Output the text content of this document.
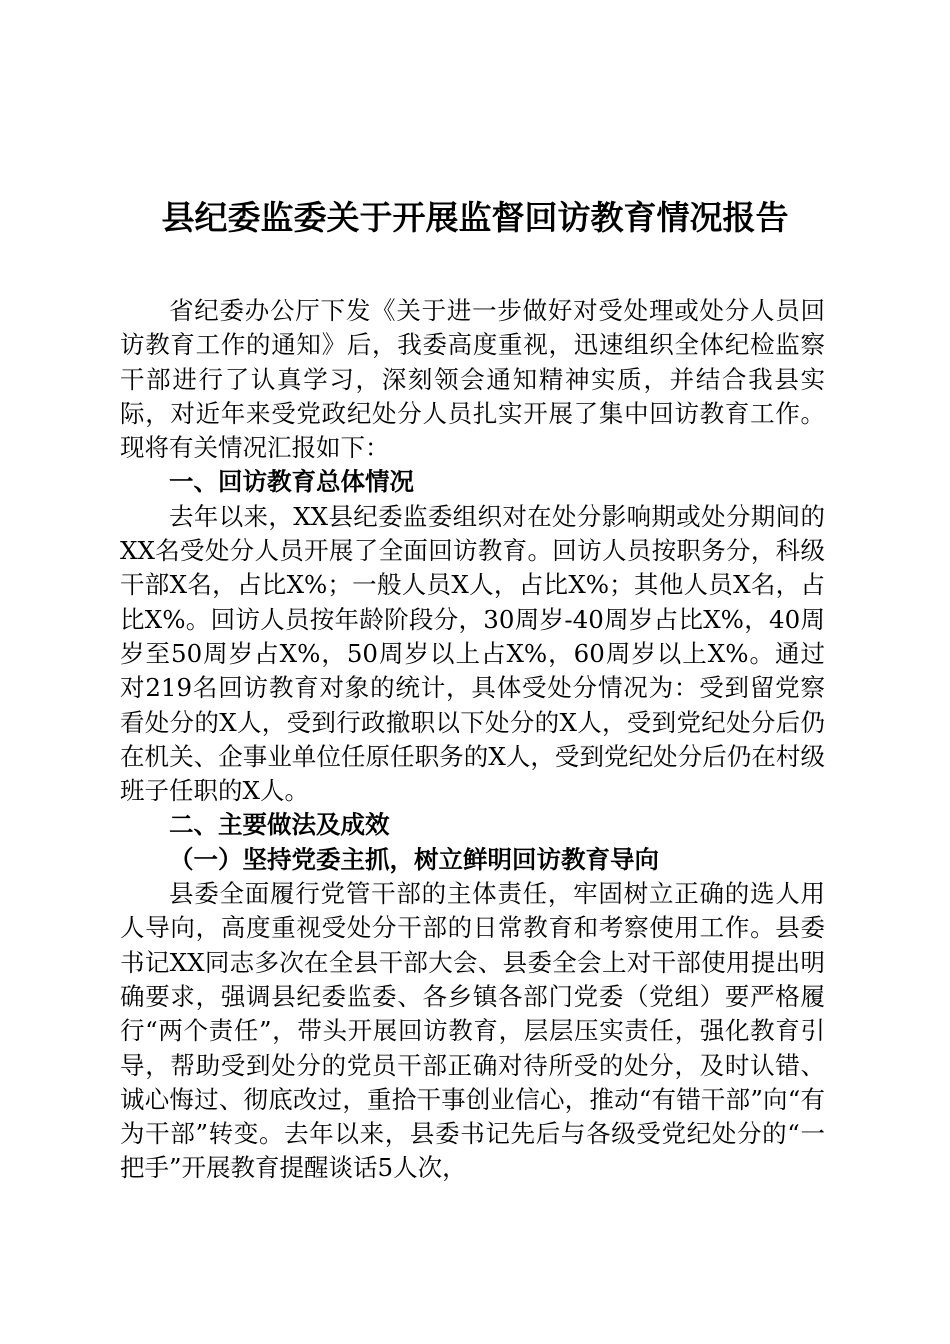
县纪委监委关于开展监督回访教育情况报告

省纪委办公厅下发《关于进一步做好对受处理或处分人员回访教育工作的通知》后，我委高度重视，迅速组织全体纪检监察干部进行了认真学习，深刻领会通知精神实质，并结合我县实际，对近年来受党政纪处分人员扎实开展了集中回访教育工作。现将有关情况汇报如下：

一、回访教育总体情况

去年以来，XX县纪委监委组织对在处分影响期或处分期间的XX名受处分人员开展了全面回访教育。回访人员按职务分，科级干部X名，占比X%；一般人员X人，占比X%；其他人员X名，占比X%。回访人员按年龄阶段分，30周岁-40周岁占比X%，40周岁至50周岁占X%，50周岁以上占X%，60周岁以上X%。通过对219名回访教育对象的统计，具体受处分情况为：受到留党察看处分的X人，受到行政撤职以下处分的X人，受到党纪处分后仍在机关、企事业单位任原任职务的X人，受到党纪处分后仍在村级班子任职的X人。

二、主要做法及成效

（一）坚持党委主抓，树立鲜明回访教育导向

县委全面履行党管干部的主体责任，牢固树立正确的选人用人导向，高度重视受处分干部的日常教育和考察使用工作。县委书记XX同志多次在全县干部大会、县委全会上对干部使用提出明确要求，强调县纪委监委、各乡镇各部门党委（党组）要严格履行“两个责任”，带头开展回访教育，层层压实责任，强化教育引导，帮助受到处分的党员干部正确对待所受的处分，及时认错、诚心悔过、彻底改过，重拾干事创业信心，推动“有错干部”向“有为干部”转变。去年以来，县委书记先后与各级受党纪处分的“一把手”开展教育提醒谈话5人次，
